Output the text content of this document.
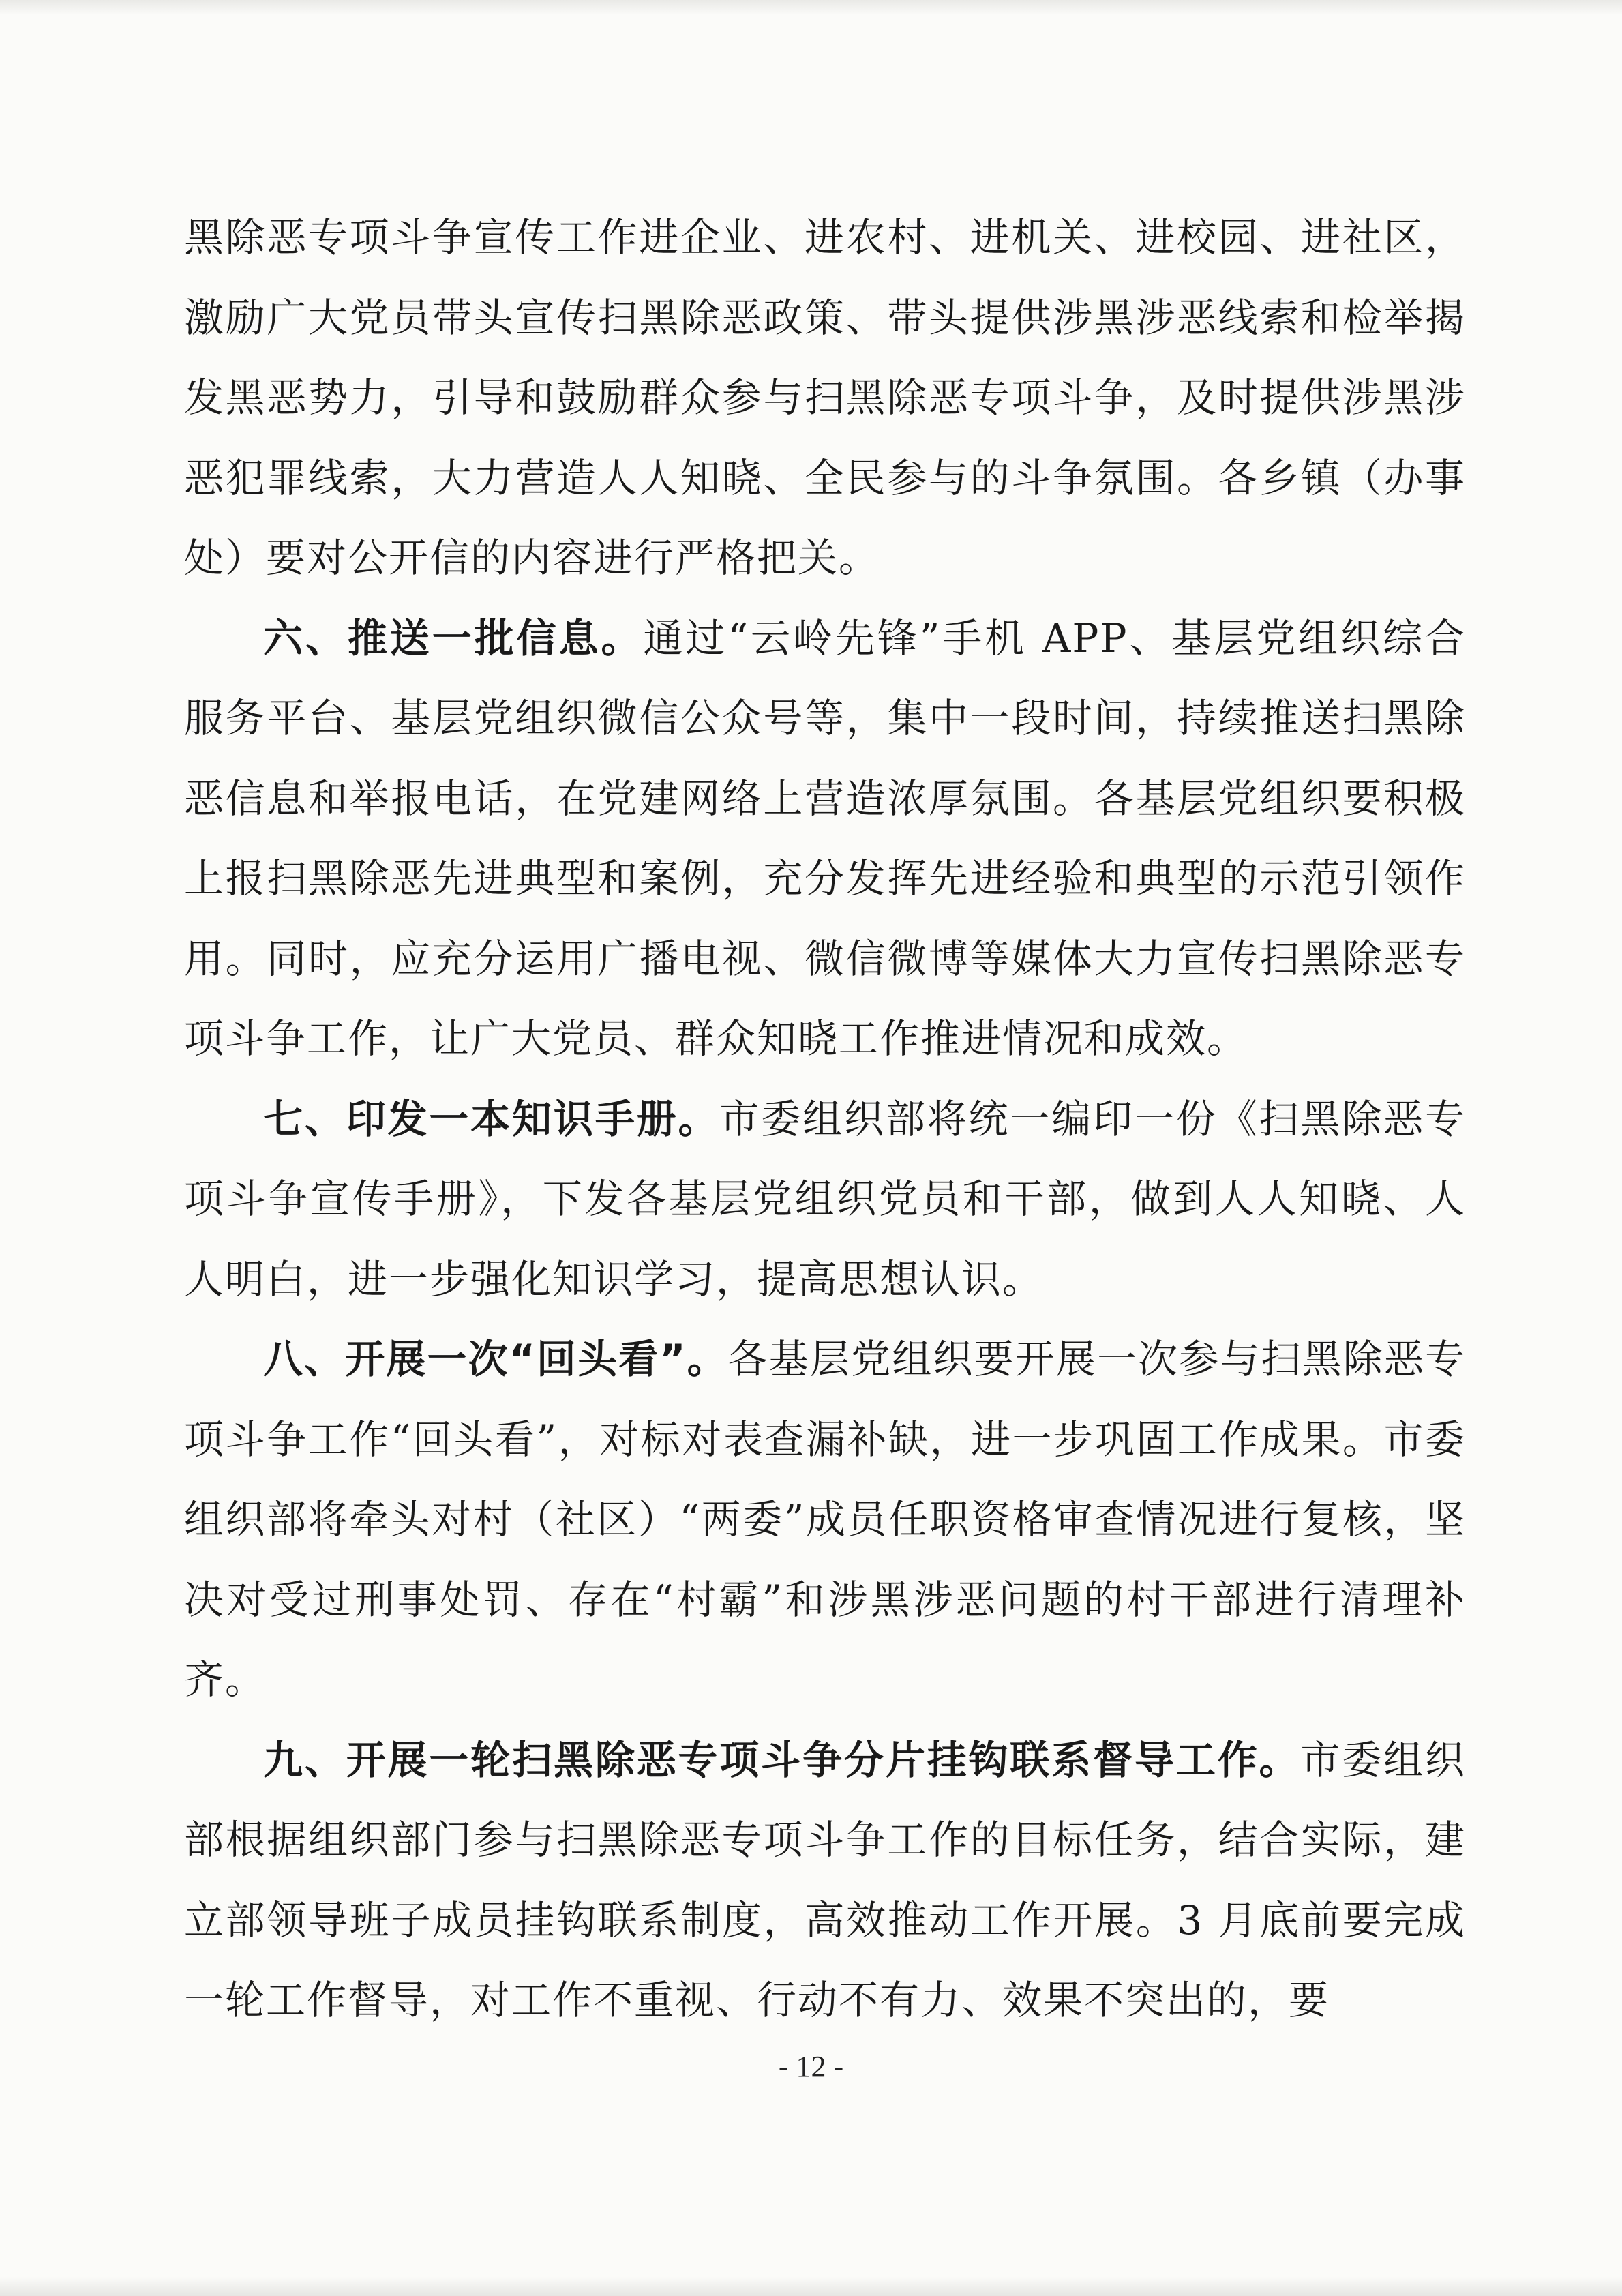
黑除恶专项斗争宣传工作进企业、进农村、进机关、进校园、进社区，激励广大党员带头宣传扫黑除恶政策、带头提供涉黑涉恶线索和检举揭发黑恶势力，引导和鼓励群众参与扫黑除恶专项斗争，及时提供涉黑涉恶犯罪线索，大力营造人人知晓、全民参与的斗争氛围。各乡镇（办事处）要对公开信的内容进行严格把关。

六、推送一批信息。通过“云岭先锋”手机 APP、基层党组织综合服务平台、基层党组织微信公众号等，集中一段时间，持续推送扫黑除恶信息和举报电话，在党建网络上营造浓厚氛围。各基层党组织要积极上报扫黑除恶先进典型和案例，充分发挥先进经验和典型的示范引领作用。同时，应充分运用广播电视、微信微博等媒体大力宣传扫黑除恶专项斗争工作，让广大党员、群众知晓工作推进情况和成效。

七、印发一本知识手册。市委组织部将统一编印一份《扫黑除恶专项斗争宣传手册》，下发各基层党组织党员和干部，做到人人知晓、人人明白，进一步强化知识学习，提高思想认识。

八、开展一次“回头看”。各基层党组织要开展一次参与扫黑除恶专项斗争工作“回头看”，对标对表查漏补缺，进一步巩固工作成果。市委组织部将牵头对村（社区）“两委”成员任职资格审查情况进行复核，坚决对受过刑事处罚、存在“村霸”和涉黑涉恶问题的村干部进行清理补齐。

九、开展一轮扫黑除恶专项斗争分片挂钩联系督导工作。市委组织部根据组织部门参与扫黑除恶专项斗争工作的目标任务，结合实际，建立部领导班子成员挂钩联系制度，高效推动工作开展。3 月底前要完成一轮工作督导，对工作不重视、行动不有力、效果不突出的，要

- 12 -
